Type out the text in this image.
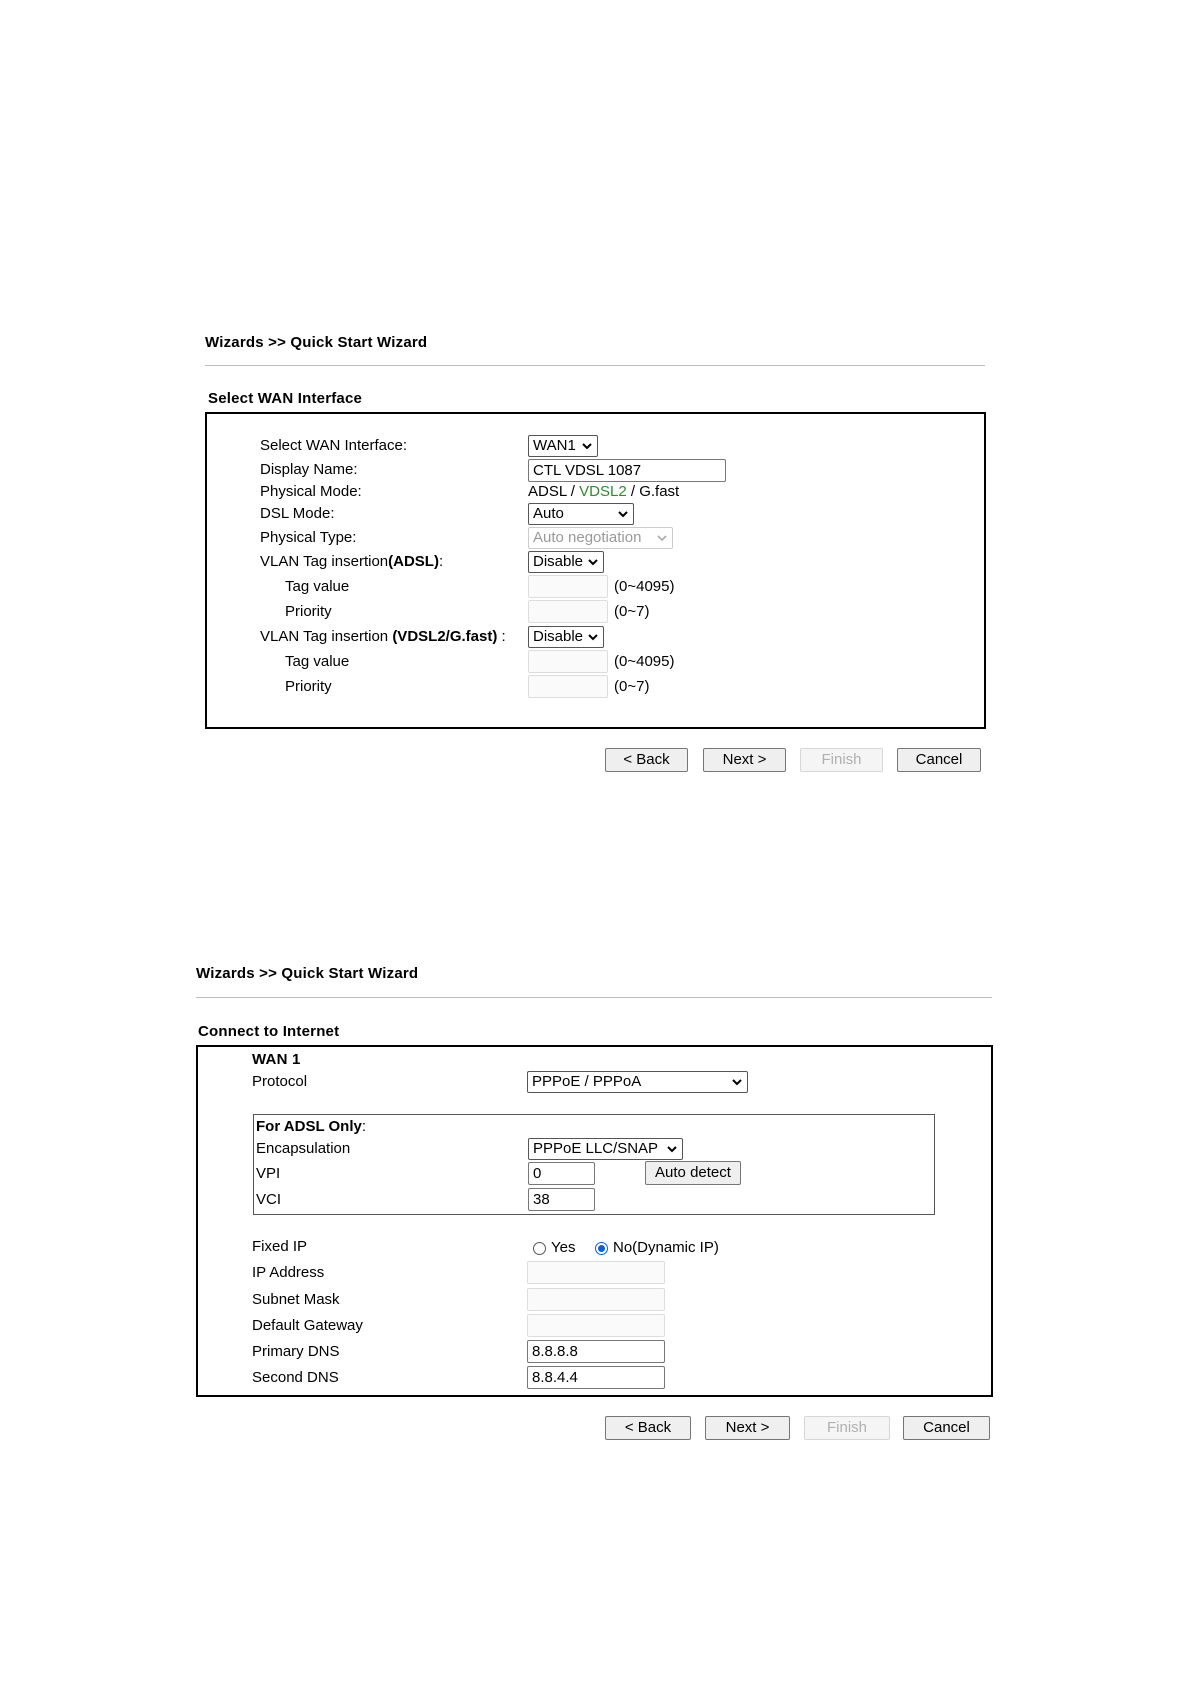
Wizards >> Quick Start Wizard
Select WAN Interface
Select WAN Interface:	WAN1
Display Name:	CTL VDSL 1087
Physical Mode:	ADSL / VDSL2 / G.fast
DSL Mode:	Auto
Physical Type:	Auto negotiation
VLAN Tag insertion(ADSL):	Disable
Tag value	(0~4095)
Priority	(0~7)
VLAN Tag insertion (VDSL2/G.fast) :	Disable
Tag value	(0~4095)
Priority	(0~7)
< Back	Next >	Finish	Cancel
Wizards >> Quick Start Wizard
Connect to Internet
WAN 1
Protocol	PPPoE / PPPoA
For ADSL Only:
Encapsulation	PPPoE LLC/SNAP
VPI	0	Auto detect
VCI	38
Fixed IP	Yes	No(Dynamic IP)
IP Address
Subnet Mask
Default Gateway
Primary DNS	8.8.8.8
Second DNS	8.8.4.4
< Back	Next >	Finish	Cancel
